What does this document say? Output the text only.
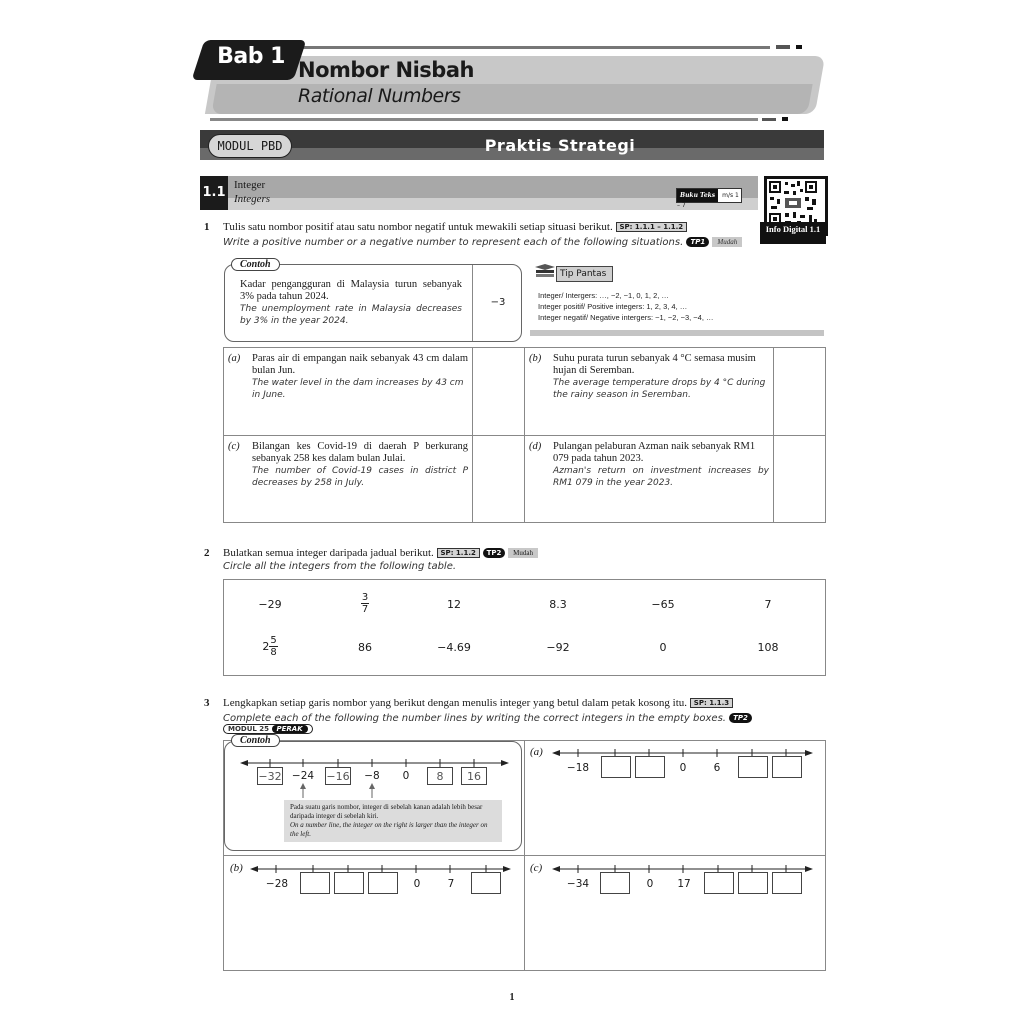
Bab 1
Nombor Nisbah
Rational Numbers
MODUL PBD	Praktis Strategi
1.1 Integer
Integers	Buku Teks m/s 1 – 7
Info Digital 1.1
1 Tulis satu nombor positif atau satu nombor negatif untuk mewakili setiap situasi berikut. SP: 1.1.1 – 1.1.2
Write a positive number or a negative number to represent each of the following situations. TP1 Mudah
Contoh
Kadar pengangguran di Malaysia turun sebanyak 3% pada tahun 2024.
The unemployment rate in Malaysia decreases by 3% in the year 2024.
−3
Tip Pantas
Integer/ Intergers: …, −2, −1, 0, 1, 2, …
Integer positif/ Positive integers: 1, 2, 3, 4, …
Integer negatif/ Negative intergers: −1, −2, −3, −4, …
(a) Paras air di empangan naik sebanyak 43 cm dalam bulan Jun.
The water level in the dam increases by 43 cm in June.
(b) Suhu purata turun sebanyak 4 °C semasa musim hujan di Seremban.
The average temperature drops by 4 °C during the rainy season in Seremban.
(c) Bilangan kes Covid-19 di daerah P berkurang sebanyak 258 kes dalam bulan Julai.
The number of Covid-19 cases in district P decreases by 258 in July.
(d) Pulangan pelaburan Azman naik sebanyak RM1 079 pada tahun 2023.
Azman's return on investment increases by RM1 079 in the year 2023.
2 Bulatkan semua integer daripada jadual berikut. SP: 1.1.2 TP2 Mudah
Circle all the integers from the following table.
−29	$\frac{3}{7}$	12	8.3	−65	7
$2 \frac{5}{8}$	86	−4.69	−92	0	108
3 Lengkapkan setiap garis nombor yang berikut dengan menulis integer yang betul dalam petak kosong itu. SP: 1.1.3
Complete each of the following the number lines by writing the correct integers in the empty boxes. TP2 MODUL 25 PERAK
Contoh
−32 −24	−16	−8	0	8	16
Pada suatu garis nombor, integer di sebelah kanan adalah lebih besar daripada integer di sebelah kiri.
On a number line, the integer on the right is larger than the integer on the left.
(a)
−18	0	6
(b)
−28	0	7
(c)
−34	0	17
1
